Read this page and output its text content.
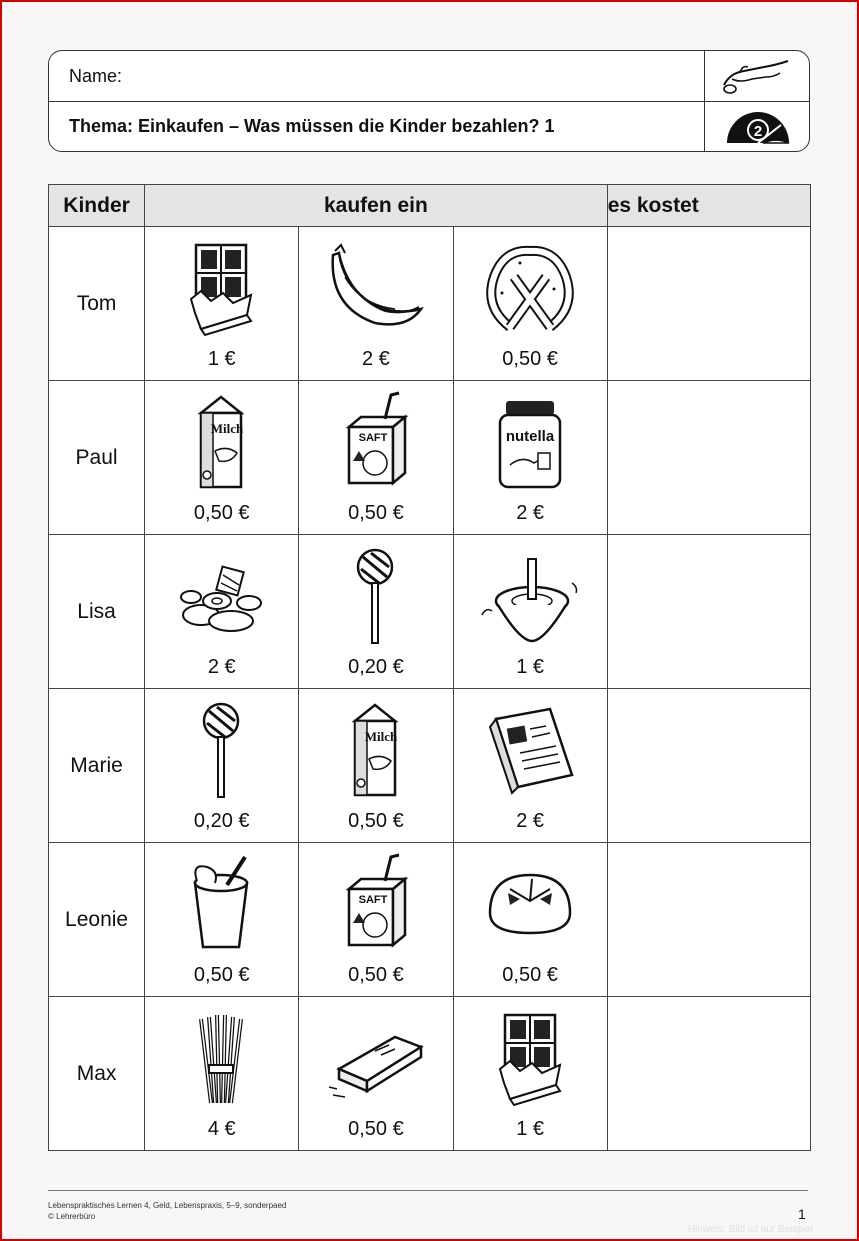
Name:
Thema: Einkaufen – Was müssen die Kinder bezahlen? 1	2
Kinder	kaufen ein			es kostet
Tom	1 €	2 €	0,50 €	

Paul	0,50 €	0,50 €	2 €	

Lisa	2 €	0,20 €	1 €	

Marie	0,20 €	0,50 €	2 €	

Leonie	0,50 €	0,50 €	0,50 €	

Max	4 €	0,50 €	1 €	

Lebenspraktisches Lernen 4, Geld, Lebenspraxis, 5–9, sonderpaed
© Lehrerbüro	1
Hinweis: Bild ist nur Beispiel
